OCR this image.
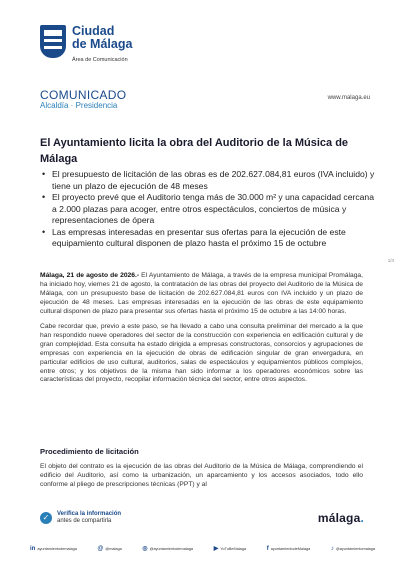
Ciudad
de Málaga
Área de Comunicación
COMUNICADO
Alcaldía · Presidencia
www.malaga.eu
El Ayuntamiento licita la obra del Auditorio de la Música de Málaga
• El presupuesto de licitación de las obras es de 202.627.084,81 euros (IVA incluido) y tiene un plazo de ejecución de 48 meses
• El proyecto prevé que el Auditorio tenga más de 30.000 m² y una capacidad cercana a 2.000 plazas para acoger, entre otros espectáculos, conciertos de música y representaciones de ópera
• Las empresas interesadas en presentar sus ofertas para la ejecución de este equipamiento cultural disponen de plazo hasta el próximo 15 de octubre
1/4

Málaga, 21 de agosto de 2026.- El Ayuntamiento de Málaga, a través de la empresa municipal Promálaga, ha iniciado hoy, viernes 21 de agosto, la contratación de las obras del proyecto del Auditorio de la Música de Málaga, con un presupuesto base de licitación de 202.627.084,81 euros con IVA incluido y un plazo de ejecución de 48 meses. Las empresas interesadas en la ejecución de las obras de este equipamiento cultural disponen de plazo para presentar sus ofertas hasta el próximo 15 de octubre a las 14:00 horas.

Cabe recordar que, previo a este paso, se ha llevado a cabo una consulta preliminar del mercado a la que han respondido nueve operadores del sector de la construcción con experiencia en edificación cultural y de gran complejidad. Esta consulta ha estado dirigida a empresas constructoras, consorcios y agrupaciones de empresas con experiencia en la ejecución de obras de edificación singular de gran envergadura, en particular edificios de uso cultural, auditorios, salas de espectáculos y equipamientos públicos complejos, entre otros; y los objetivos de la misma han sido informar a los operadores económicos sobre las características del proyecto, recopilar información técnica del sector, entre otros aspectos.

Procedimiento de licitación

El objeto del contrato es la ejecución de las obras del Auditorio de la Música de Málaga, comprendiendo el edificio del Auditorio, así como la urbanización, un aparcamiento y los accesos asociados, todo ello conforme al pliego de prescripciones técnicas (PPT) y al

✓	Verifica la información
antes de compartirla	málaga.
in ayuntamientodemalaga	@ @malaga	◎ @ayuntamientodemalaga	▶ YoTuBeMalaga	f ayuntamientodeMalaga	♪ @ayuntamientomalaga
